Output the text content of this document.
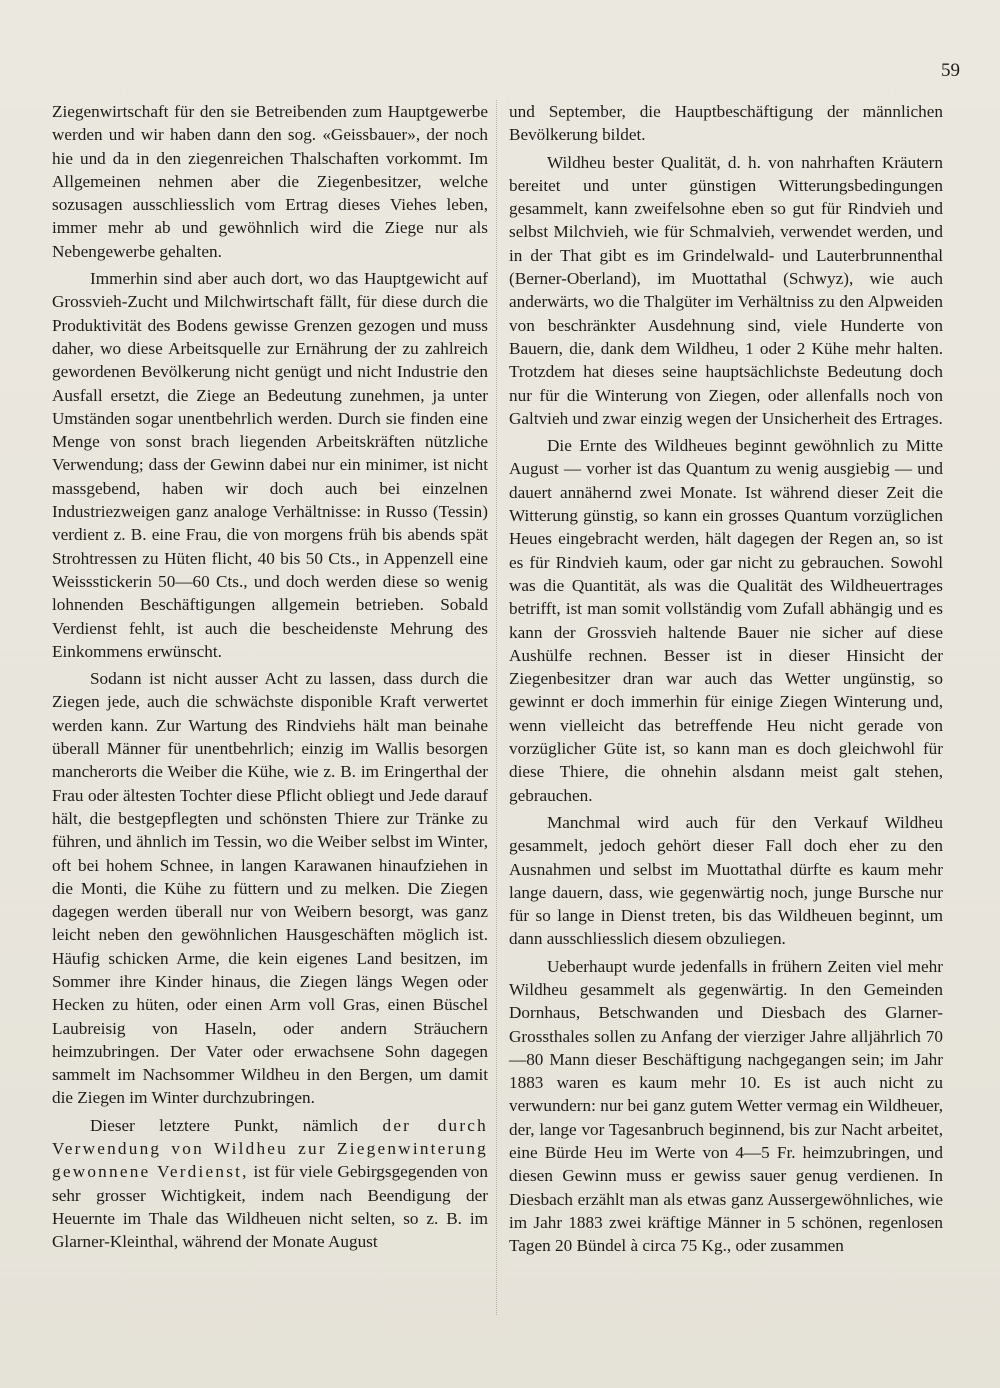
59

Ziegenwirtschaft für den sie Betreibenden zum Hauptgewerbe werden und wir haben dann den sog. «Geissbauer», der noch hie und da in den ziegenreichen Thalschaften vorkommt. Im Allgemeinen nehmen aber die Ziegenbesitzer, welche sozusagen ausschliesslich vom Ertrag dieses Viehes leben, immer mehr ab und gewöhnlich wird die Ziege nur als Nebengewerbe gehalten.

Immerhin sind aber auch dort, wo das Hauptgewicht auf Grossvieh-Zucht und Milchwirtschaft fällt, für diese durch die Produktivität des Bodens gewisse Grenzen gezogen und muss daher, wo diese Arbeitsquelle zur Ernährung der zu zahlreich gewordenen Bevölkerung nicht genügt und nicht Industrie den Ausfall ersetzt, die Ziege an Bedeutung zunehmen, ja unter Umständen sogar unentbehrlich werden. Durch sie finden eine Menge von sonst brach liegenden Arbeitskräften nützliche Verwendung; dass der Gewinn dabei nur ein minimer, ist nicht massgebend, haben wir doch auch bei einzelnen Industriezweigen ganz analoge Verhältnisse: in Russo (Tessin) verdient z. B. eine Frau, die von morgens früh bis abends spät Strohtressen zu Hüten flicht, 40 bis 50 Cts., in Appenzell eine Weissstickerin 50—60 Cts., und doch werden diese so wenig lohnenden Beschäftigungen allgemein betrieben. Sobald Verdienst fehlt, ist auch die bescheidenste Mehrung des Einkommens erwünscht.

Sodann ist nicht ausser Acht zu lassen, dass durch die Ziegen jede, auch die schwächste disponible Kraft verwertet werden kann. Zur Wartung des Rindviehs hält man beinahe überall Männer für unentbehrlich; einzig im Wallis besorgen mancherorts die Weiber die Kühe, wie z. B. im Eringerthal der Frau oder ältesten Tochter diese Pflicht obliegt und Jede darauf hält, die bestgepflegten und schönsten Thiere zur Tränke zu führen, und ähnlich im Tessin, wo die Weiber selbst im Winter, oft bei hohem Schnee, in langen Karawanen hinaufziehen in die Monti, die Kühe zu füttern und zu melken. Die Ziegen dagegen werden überall nur von Weibern besorgt, was ganz leicht neben den gewöhnlichen Hausgeschäften möglich ist. Häufig schicken Arme, die kein eigenes Land besitzen, im Sommer ihre Kinder hinaus, die Ziegen längs Wegen oder Hecken zu hüten, oder einen Arm voll Gras, einen Büschel Laubreisig von Haseln, oder andern Sträuchern heimzubringen. Der Vater oder erwachsene Sohn dagegen sammelt im Nachsommer Wildheu in den Bergen, um damit die Ziegen im Winter durchzubringen.

Dieser letztere Punkt, nämlich der durch Verwendung von Wildheu zur Ziegenwinterung gewonnene Verdienst, ist für viele Gebirgsgegenden von sehr grosser Wichtigkeit, indem nach Beendigung der Heuernte im Thale das Wildheuen nicht selten, so z. B. im Glarner-Kleinthal, während der Monate August

und September, die Hauptbeschäftigung der männlichen Bevölkerung bildet.

Wildheu bester Qualität, d. h. von nahrhaften Kräutern bereitet und unter günstigen Witterungsbedingungen gesammelt, kann zweifelsohne eben so gut für Rindvieh und selbst Milchvieh, wie für Schmalvieh, verwendet werden, und in der That gibt es im Grindelwald- und Lauterbrunnenthal (Berner-Oberland), im Muottathal (Schwyz), wie auch anderwärts, wo die Thalgüter im Verhältniss zu den Alpweiden von beschränkter Ausdehnung sind, viele Hunderte von Bauern, die, dank dem Wildheu, 1 oder 2 Kühe mehr halten. Trotzdem hat dieses seine hauptsächlichste Bedeutung doch nur für die Winterung von Ziegen, oder allenfalls noch von Galtvieh und zwar einzig wegen der Unsicherheit des Ertrages.

Die Ernte des Wildheues beginnt gewöhnlich zu Mitte August — vorher ist das Quantum zu wenig ausgiebig — und dauert annähernd zwei Monate. Ist während dieser Zeit die Witterung günstig, so kann ein grosses Quantum vorzüglichen Heues eingebracht werden, hält dagegen der Regen an, so ist es für Rindvieh kaum, oder gar nicht zu gebrauchen. Sowohl was die Quantität, als was die Qualität des Wildheuertrages betrifft, ist man somit vollständig vom Zufall abhängig und es kann der Grossvieh haltende Bauer nie sicher auf diese Aushülfe rechnen. Besser ist in dieser Hinsicht der Ziegenbesitzer dran war auch das Wetter ungünstig, so gewinnt er doch immerhin für einige Ziegen Winterung und, wenn vielleicht das betreffende Heu nicht gerade von vorzüglicher Güte ist, so kann man es doch gleichwohl für diese Thiere, die ohnehin alsdann meist galt stehen, gebrauchen.

Manchmal wird auch für den Verkauf Wildheu gesammelt, jedoch gehört dieser Fall doch eher zu den Ausnahmen und selbst im Muottathal dürfte es kaum mehr lange dauern, dass, wie gegenwärtig noch, junge Bursche nur für so lange in Dienst treten, bis das Wildheuen beginnt, um dann ausschliesslich diesem obzuliegen.

Ueberhaupt wurde jedenfalls in frühern Zeiten viel mehr Wildheu gesammelt als gegenwärtig. In den Gemeinden Dornhaus, Betschwanden und Diesbach des Glarner-Grossthales sollen zu Anfang der vierziger Jahre alljährlich 70—80 Mann dieser Beschäftigung nachgegangen sein; im Jahr 1883 waren es kaum mehr 10. Es ist auch nicht zu verwundern: nur bei ganz gutem Wetter vermag ein Wildheuer, der, lange vor Tagesanbruch beginnend, bis zur Nacht arbeitet, eine Bürde Heu im Werte von 4—5 Fr. heimzubringen, und diesen Gewinn muss er gewiss sauer genug verdienen. In Diesbach erzählt man als etwas ganz Aussergewöhnliches, wie im Jahr 1883 zwei kräftige Männer in 5 schönen, regenlosen Tagen 20 Bündel à circa 75 Kg., oder zusammen
